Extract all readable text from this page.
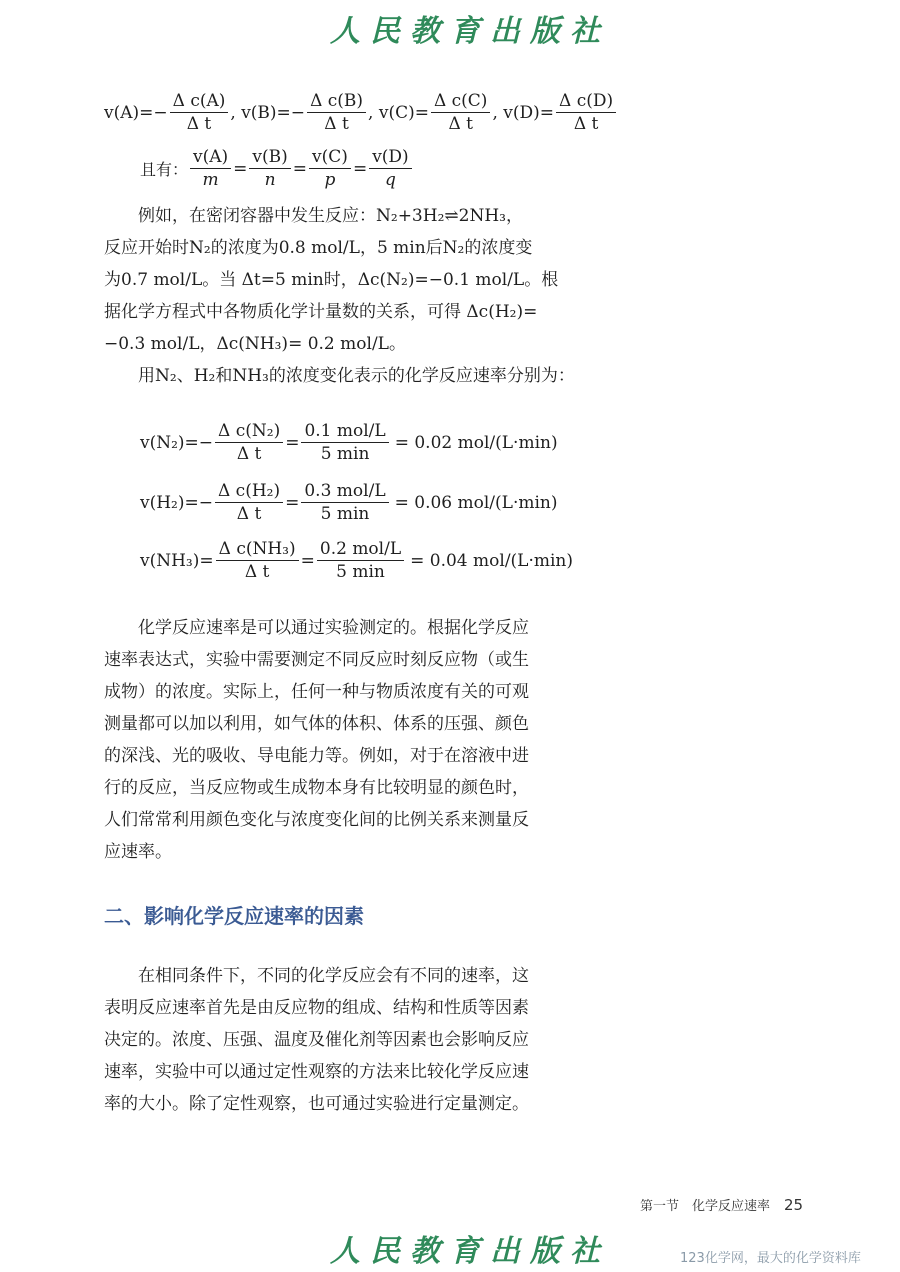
人民教育出版社
$v(A)=- \frac{\text{Δ c(A)}}{\text{Δ t}}$ , $v(B)=- \frac{\text{Δ c(B)}}{\text{Δ t}}$ , $v(C)= \frac{\text{Δ c(C)}}{\text{Δ t}}$ , $v(D)= \frac{\text{Δ c(D)}}{\text{Δ t}}$
且有： $\frac{v(A)}{m} = \frac{v(B)}{n} = \frac{v(C)}{p} = \frac{v(D)}{q}$
例如，在密闭容器中发生反应：N₂+3H₂⇌2NH₃，
反应开始时N₂的浓度为0.8 mol/L，5 min后N₂的浓度变
为0.7 mol/L。当 Δt=5 min时，Δc(N₂)=−0.1 mol/L。根
据化学方程式中各物质化学计量数的关系，可得 Δc(H₂)=
−0.3 mol/L，Δc(NH₃)= 0.2 mol/L。
用N₂、H₂和NH₃的浓度变化表示的化学反应速率分别为：
$v(N_2)=- \frac{\text{Δ c(N₂)}}{\text{Δ t}} = \frac{\text{0.1 mol/L}}{5 \min} = 0.02$ mol/(L·min)
$v(H_2)=- \frac{\text{Δ c(H₂)}}{\text{Δ t}} = \frac{\text{0.3 mol/L}}{5 \min} = 0.06$ mol/(L·min)
$v(NH_3)= \frac{\text{Δ c(NH₃)}}{\text{Δ t}} = \frac{\text{0.2 mol/L}}{5 \min} = 0.04$ mol/(L·min)
化学反应速率是可以通过实验测定的。根据化学反应
速率表达式，实验中需要测定不同反应时刻反应物（或生
成物）的浓度。实际上，任何一种与物质浓度有关的可观
测量都可以加以利用，如气体的体积、体系的压强、颜色
的深浅、光的吸收、导电能力等。例如，对于在溶液中进
行的反应，当反应物或生成物本身有比较明显的颜色时，
人们常常利用颜色变化与浓度变化间的比例关系来测量反
应速率。
二、影响化学反应速率的因素
在相同条件下，不同的化学反应会有不同的速率，这
表明反应速率首先是由反应物的组成、结构和性质等因素
决定的。浓度、压强、温度及催化剂等因素也会影响反应
速率，实验中可以通过定性观察的方法来比较化学反应速
率的大小。除了定性观察，也可通过实验进行定量测定。
第一节　化学反应速率 25
人民教育出版社	123化学网，最大的化学资料库
